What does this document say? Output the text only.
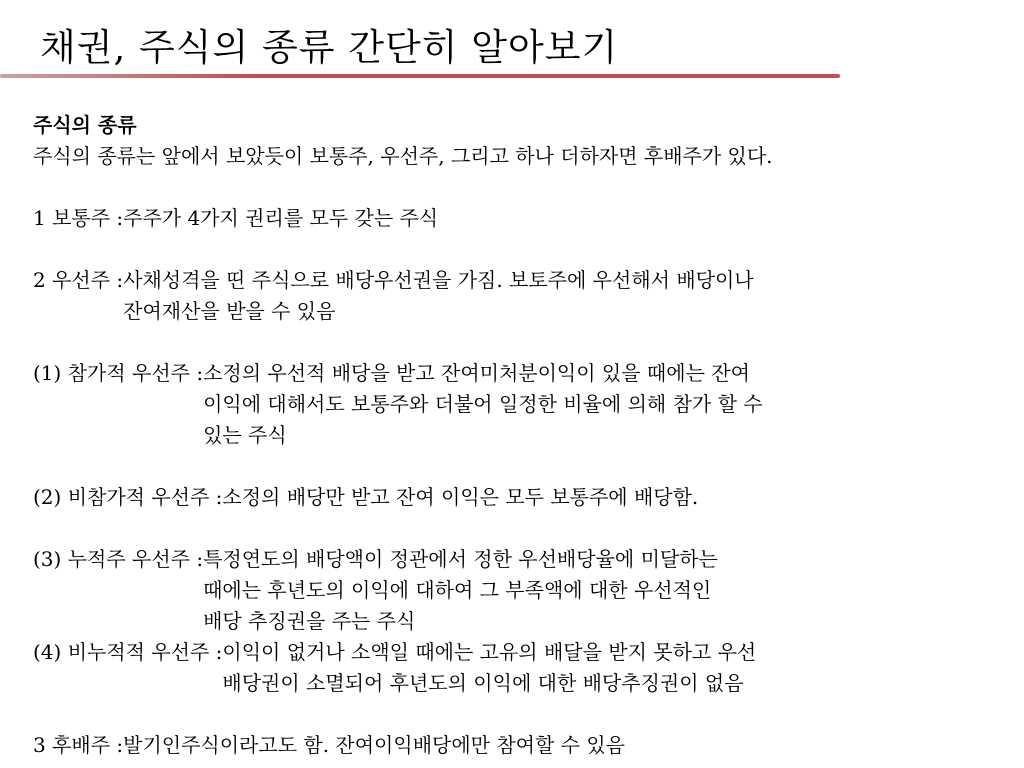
채권, 주식의 종류 간단히 알아보기
주식의 종류
주식의 종류는 앞에서 보았듯이 보통주, 우선주, 그리고 하나 더하자면 후배주가 있다.
1 보통주 : 주주가 4가지 권리를 모두 갖는 주식
2 우선주 : 사채성격을 띤 주식으로 배당우선권을 가짐. 보토주에 우선해서 배당이나
잔여재산을 받을 수 있음
(1) 참가적 우선주 : 소정의 우선적 배당을 받고 잔여미처분이익이 있을 때에는 잔여
이익에 대해서도 보통주와 더불어 일정한 비율에 의해 참가 할 수
있는 주식
(2) 비참가적 우선주 : 소정의 배당만 받고 잔여 이익은 모두 보통주에 배당함.
(3) 누적주 우선주 : 특정연도의 배당액이 정관에서 정한 우선배당율에 미달하는
때에는 후년도의 이익에 대하여 그 부족액에 대한 우선적인
배당 추징권을 주는 주식
(4) 비누적적 우선주 : 이익이 없거나 소액일 때에는 고유의 배달을 받지 못하고 우선
배당권이 소멸되어 후년도의 이익에 대한 배당추징권이 없음
3 후배주 : 발기인주식이라고도 함. 잔여이익배당에만 참여할 수 있음
